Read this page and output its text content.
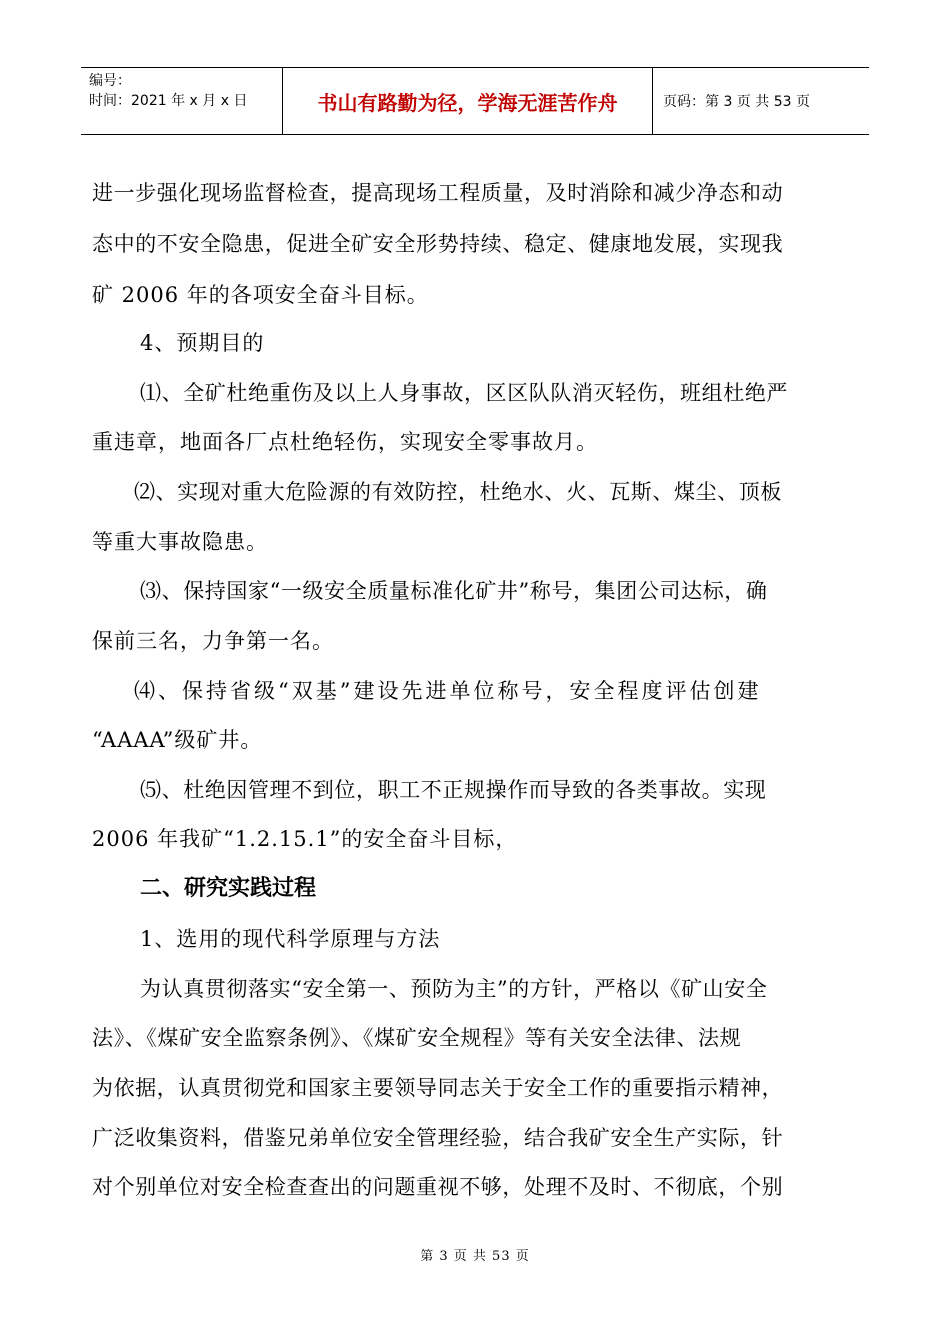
编号：
时间：2021 年 x 月 x 日	书山有路勤为径，学海无涯苦作舟	页码：第 3 页 共 53 页
进一步强化现场监督检查，提高现场工程质量，及时消除和减少净态和动
态中的不安全隐患，促进全矿安全形势持续、稳定、健康地发展，实现我
矿 2006 年的各项安全奋斗目标。
4、预期目的
⑴、全矿杜绝重伤及以上人身事故，区区队队消灭轻伤，班组杜绝严
重违章，地面各厂点杜绝轻伤，实现安全零事故月。
⑵、实现对重大危险源的有效防控，杜绝水、火、瓦斯、煤尘、顶板
等重大事故隐患。
⑶、保持国家“一级安全质量标准化矿井”称号，集团公司达标，确
保前三名，力争第一名。
⑷、保持省级“双基”建设先进单位称号，安全程度评估创建
“AAAA”级矿井。
⑸、杜绝因管理不到位，职工不正规操作而导致的各类事故。实现
2006 年我矿“1.2.15.1”的安全奋斗目标，
二、研究实践过程
1、选用的现代科学原理与方法
为认真贯彻落实“安全第一、预防为主”的方针，严格以《矿山安全
法》、《煤矿安全监察条例》、《煤矿安全规程》等有关安全法律、法规
为依据，认真贯彻党和国家主要领导同志关于安全工作的重要指示精神，
广泛收集资料，借鉴兄弟单位安全管理经验，结合我矿安全生产实际，针
对个别单位对安全检查查出的问题重视不够，处理不及时、不彻底，个别
第 3 页 共 53 页
